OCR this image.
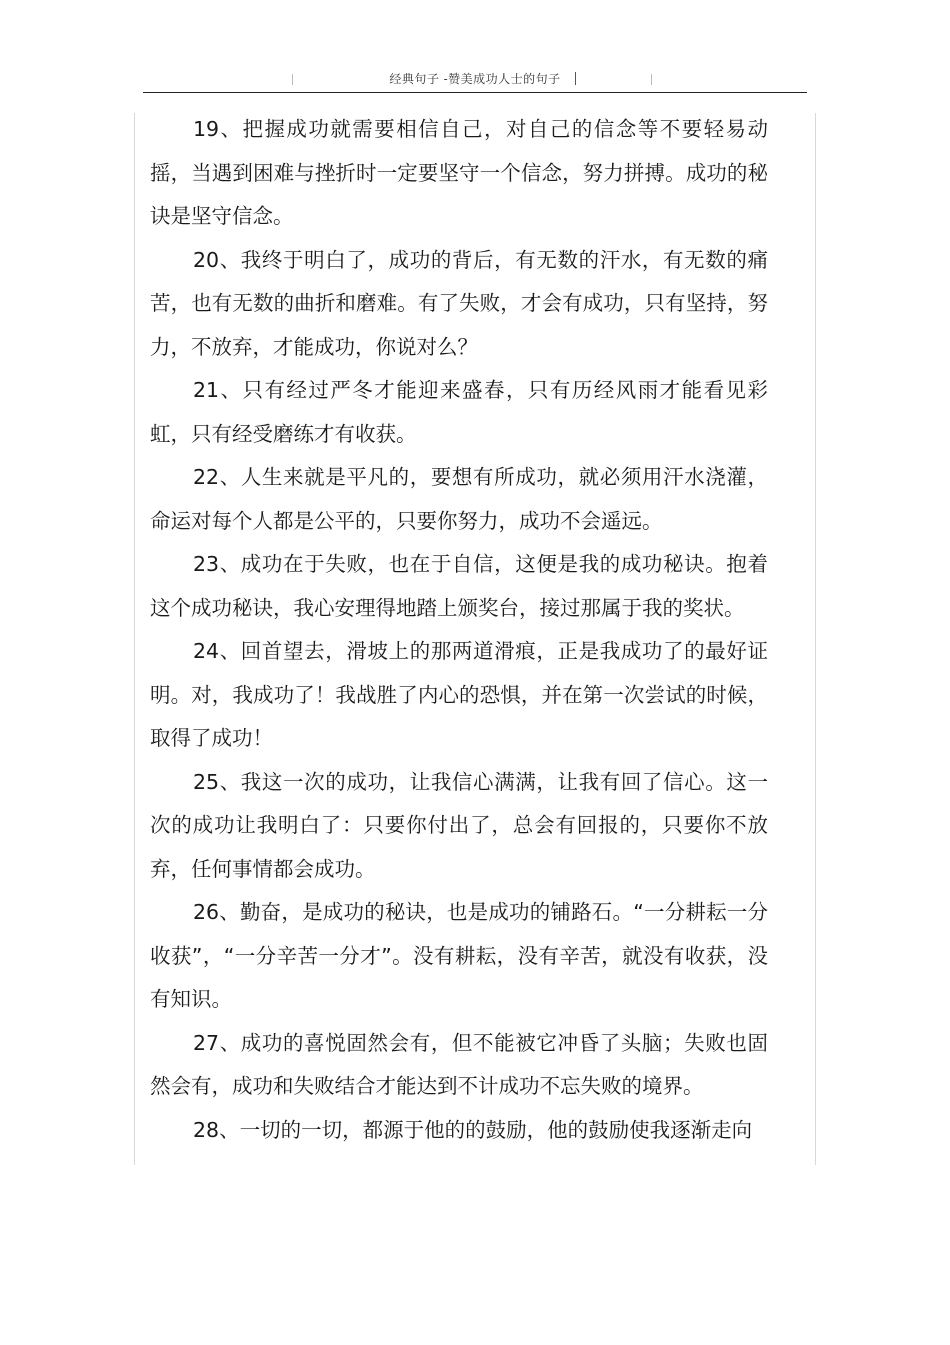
经典句子 -赞美成功人士的句子

19、把握成功就需要相信自己，对自己的信念等不要轻易动摇，当遇到困难与挫折时一定要坚守一个信念，努力拼搏。成功的秘诀是坚守信念。

20、我终于明白了，成功的背后，有无数的汗水，有无数的痛苦，也有无数的曲折和磨难。有了失败，才会有成功，只有坚持，努力，不放弃，才能成功，你说对么？

21、只有经过严冬才能迎来盛春，只有历经风雨才能看见彩虹，只有经受磨练才有收获。

22、人生来就是平凡的，要想有所成功，就必须用汗水浇灌，命运对每个人都是公平的，只要你努力，成功不会遥远。

23、成功在于失败，也在于自信，这便是我的成功秘诀。抱着这个成功秘诀，我心安理得地踏上颁奖台，接过那属于我的奖状。

24、回首望去，滑坡上的那两道滑痕，正是我成功了的最好证明。对，我成功了！我战胜了内心的恐惧，并在第一次尝试的时候，取得了成功！

25、我这一次的成功，让我信心满满，让我有回了信心。这一次的成功让我明白了：只要你付出了，总会有回报的，只要你不放弃，任何事情都会成功。

26、勤奋，是成功的秘诀，也是成功的铺路石。“一分耕耘一分收获”，“一分辛苦一分才”。没有耕耘，没有辛苦，就没有收获，没有知识。

27、成功的喜悦固然会有，但不能被它冲昏了头脑；失败也固然会有，成功和失败结合才能达到不计成功不忘失败的境界。

28、一切的一切，都源于他的的鼓励，他的鼓励使我逐渐走向
